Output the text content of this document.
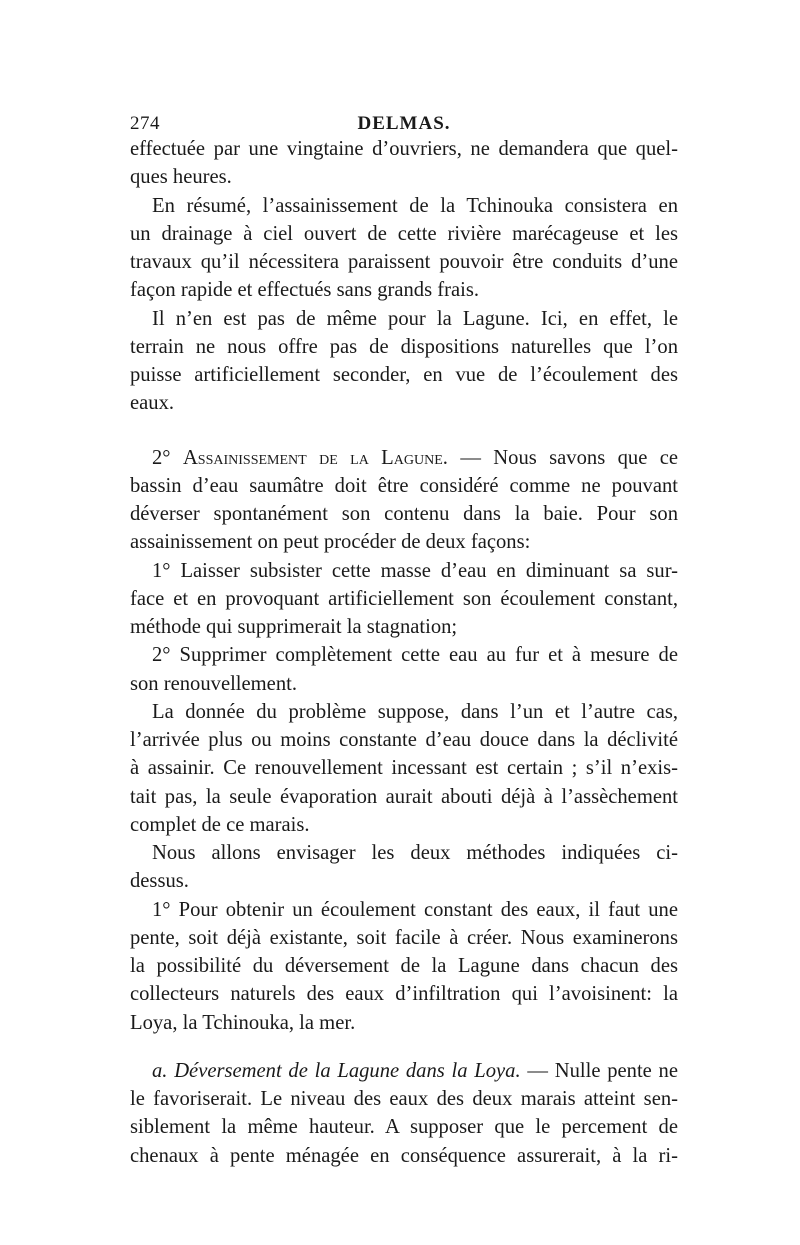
274	DELMAS.
effectuée par une vingtaine d’ouvriers, ne demandera que quel-
ques heures.
En résumé, l’assainissement de la Tchinouka consistera en
un drainage à ciel ouvert de cette rivière marécageuse et les
travaux qu’il nécessitera paraissent pouvoir être conduits d’une
façon rapide et effectués sans grands frais.
Il n’en est pas de même pour la Lagune. Ici, en effet, le
terrain ne nous offre pas de dispositions naturelles que l’on
puisse artificiellement seconder, en vue de l’écoulement des
eaux.
2° Assainissement de la Lagune. — Nous savons que ce
bassin d’eau saumâtre doit être considéré comme ne pouvant
déverser spontanément son contenu dans la baie. Pour son
assainissement on peut procéder de deux façons:
1° Laisser subsister cette masse d’eau en diminuant sa sur-
face et en provoquant artificiellement son écoulement constant,
méthode qui supprimerait la stagnation;
2° Supprimer complètement cette eau au fur et à mesure de
son renouvellement.
La donnée du problème suppose, dans l’un et l’autre cas,
l’arrivée plus ou moins constante d’eau douce dans la déclivité
à assainir. Ce renouvellement incessant est certain ; s’il n’exis-
tait pas, la seule évaporation aurait abouti déjà à l’assèchement
complet de ce marais.
Nous allons envisager les deux méthodes indiquées ci-
dessus.
1° Pour obtenir un écoulement constant des eaux, il faut une
pente, soit déjà existante, soit facile à créer. Nous examinerons
la possibilité du déversement de la Lagune dans chacun des
collecteurs naturels des eaux d’infiltration qui l’avoisinent: la
Loya, la Tchinouka, la mer.
a. Déversement de la Lagune dans la Loya. — Nulle pente ne
le favoriserait. Le niveau des eaux des deux marais atteint sen-
siblement la même hauteur. A supposer que le percement de
chenaux à pente ménagée en conséquence assurerait, à la ri-
